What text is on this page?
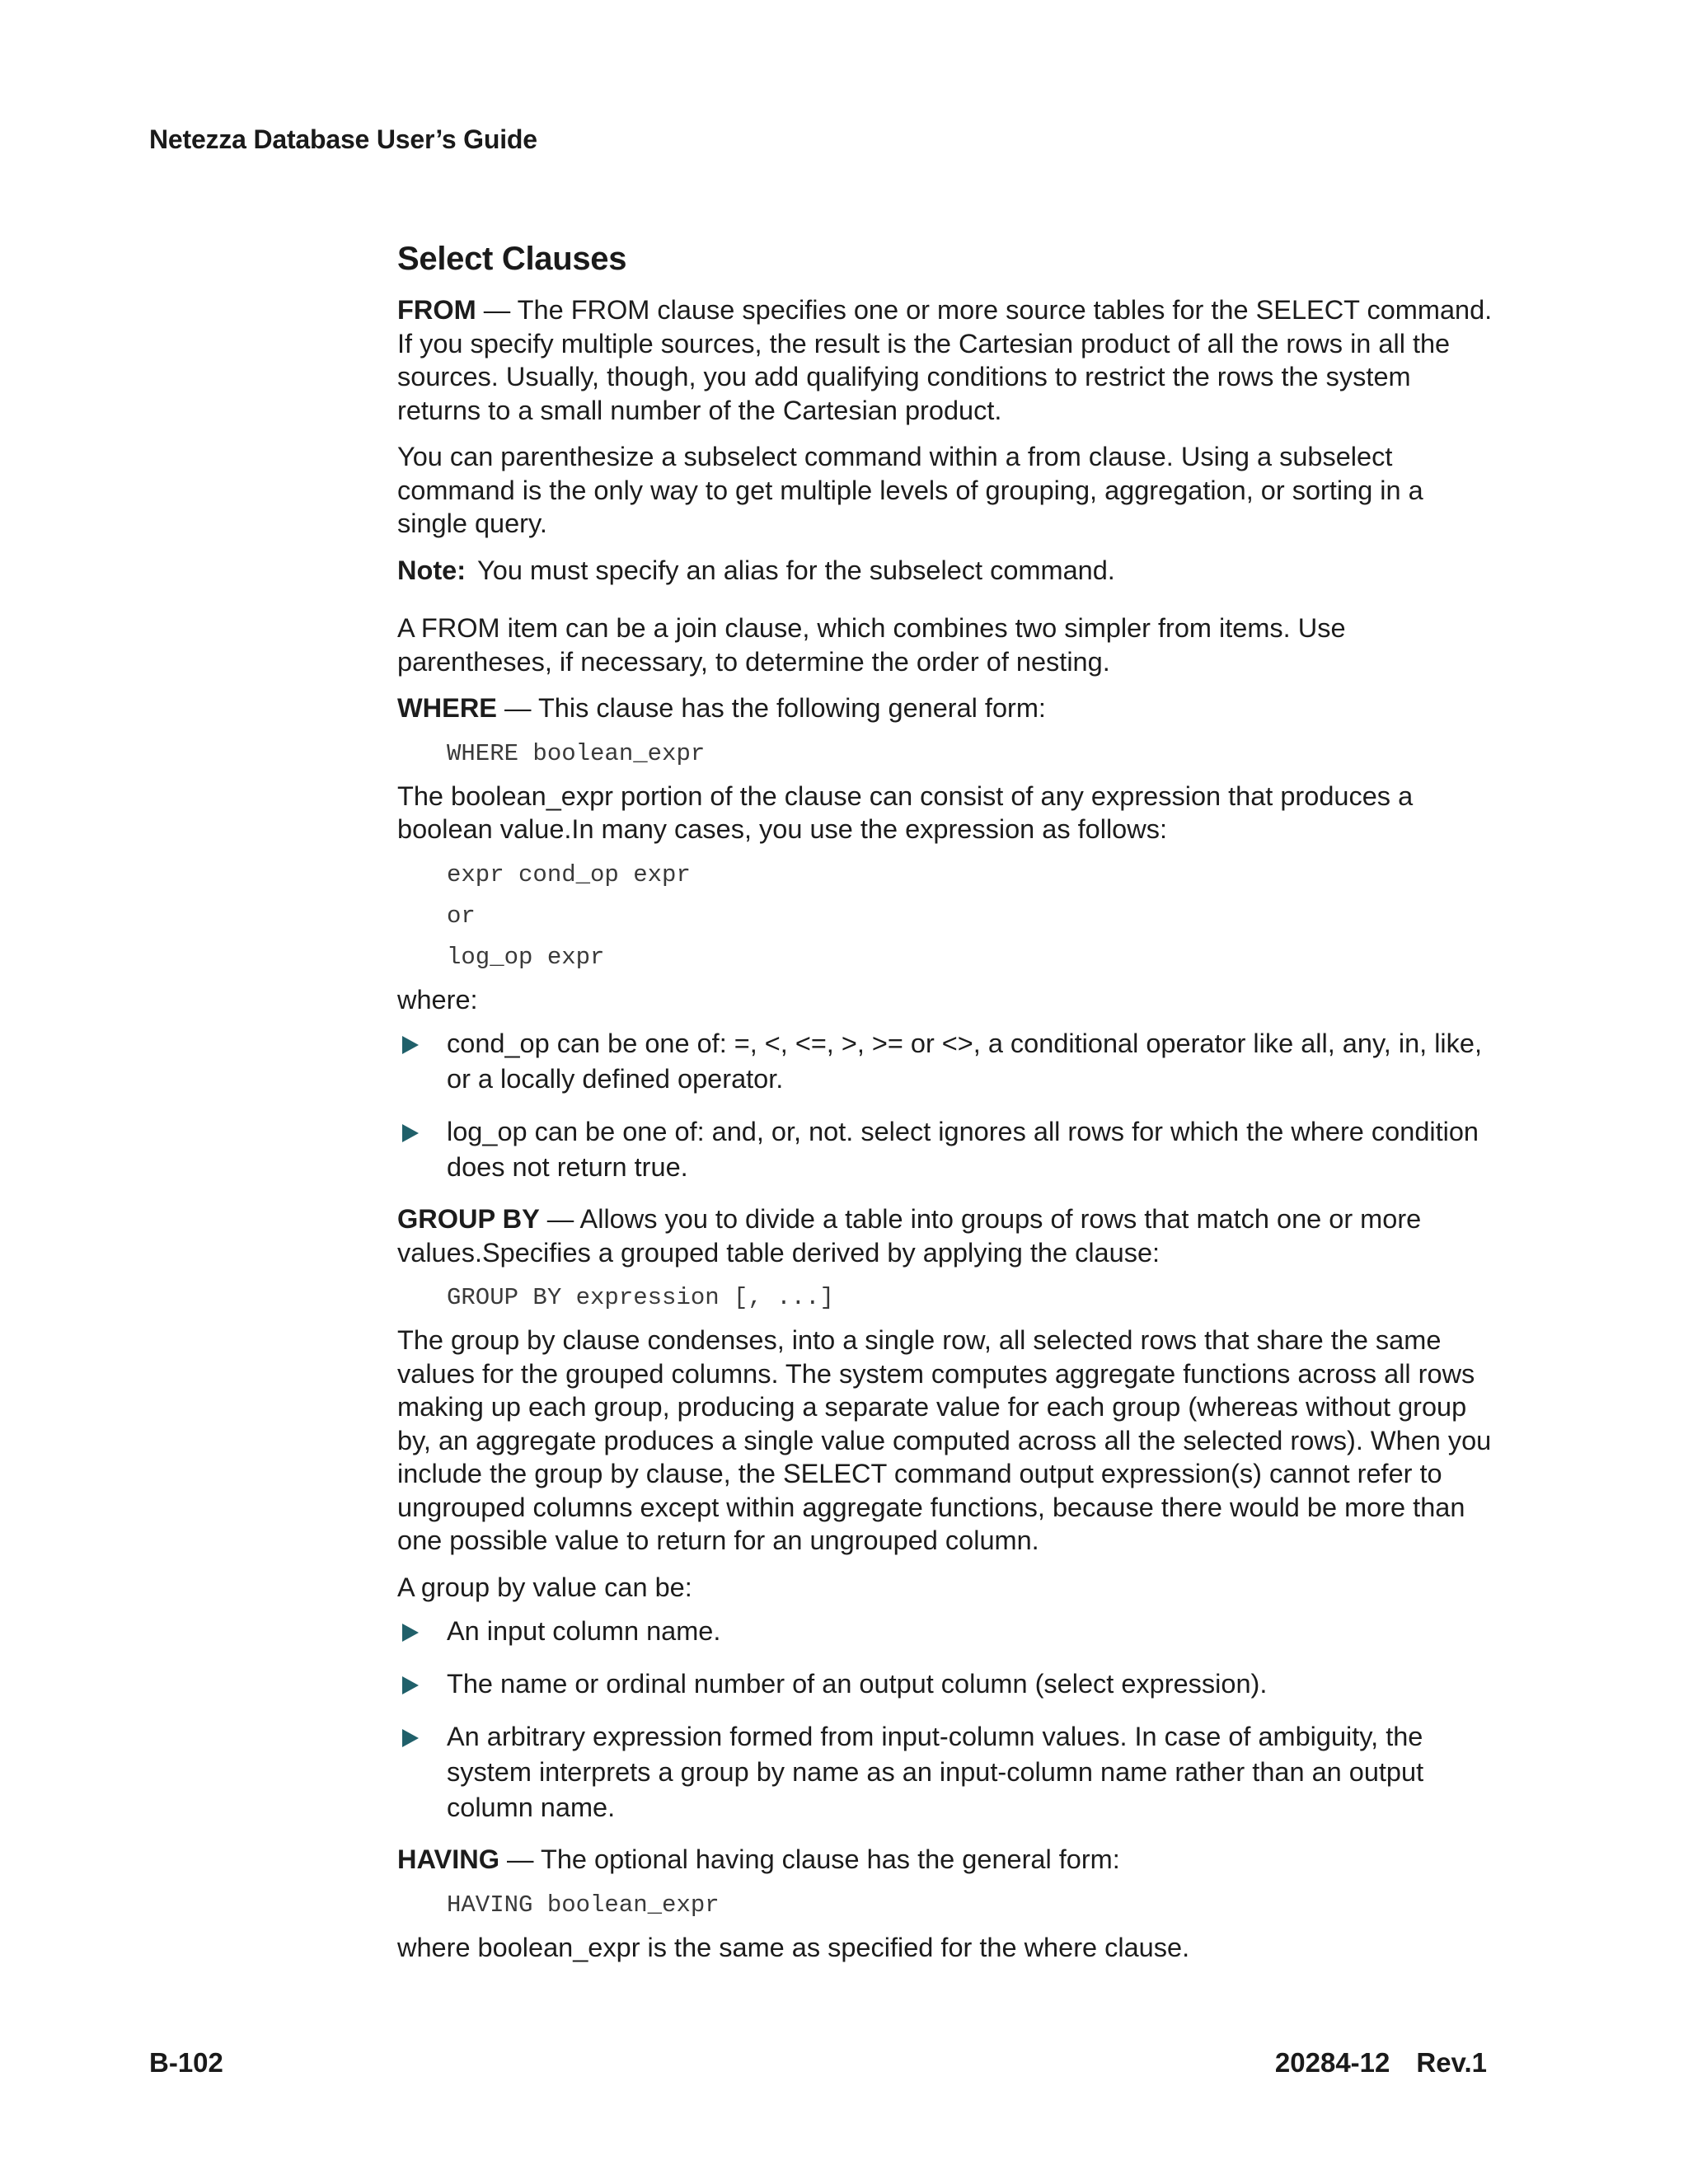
Netezza Database User’s Guide
Select Clauses

FROM — The FROM clause specifies one or more source tables for the SELECT command. If you specify multiple sources, the result is the Cartesian product of all the rows in all the sources. Usually, though, you add qualifying conditions to restrict the rows the system returns to a small number of the Cartesian product.

You can parenthesize a subselect command within a from clause. Using a subselect command is the only way to get multiple levels of grouping, aggregation, or sorting in a single query.

Note: You must specify an alias for the subselect command.

A FROM item can be a join clause, which combines two simpler from items. Use parentheses, if necessary, to determine the order of nesting.

WHERE — This clause has the following general form:

WHERE boolean_expr

The boolean_expr portion of the clause can consist of any expression that produces a boolean value.In many cases, you use the expression as follows:

expr cond_op expr
or
log_op expr

where:

cond_op can be one of: =, <, <=, >, >= or <>, a conditional operator like all, any, in, like, or a locally defined operator.
log_op can be one of: and, or, not. select ignores all rows for which the where condition does not return true.

GROUP BY — Allows you to divide a table into groups of rows that match one or more values.Specifies a grouped table derived by applying the clause:

GROUP BY expression [, ...]

The group by clause condenses, into a single row, all selected rows that share the same values for the grouped columns. The system computes aggregate functions across all rows making up each group, producing a separate value for each group (whereas without group by, an aggregate produces a single value computed across all the selected rows). When you include the group by clause, the SELECT command output expression(s) cannot refer to ungrouped columns except within aggregate functions, because there would be more than one possible value to return for an ungrouped column.

A group by value can be:

An input column name.
The name or ordinal number of an output column (select expression).
An arbitrary expression formed from input-column values. In case of ambiguity, the system interprets a group by name as an input-column name rather than an output column name.

HAVING — The optional having clause has the general form:

HAVING boolean_expr

where boolean_expr is the same as specified for the where clause.

B-102	20284-12 Rev.1
